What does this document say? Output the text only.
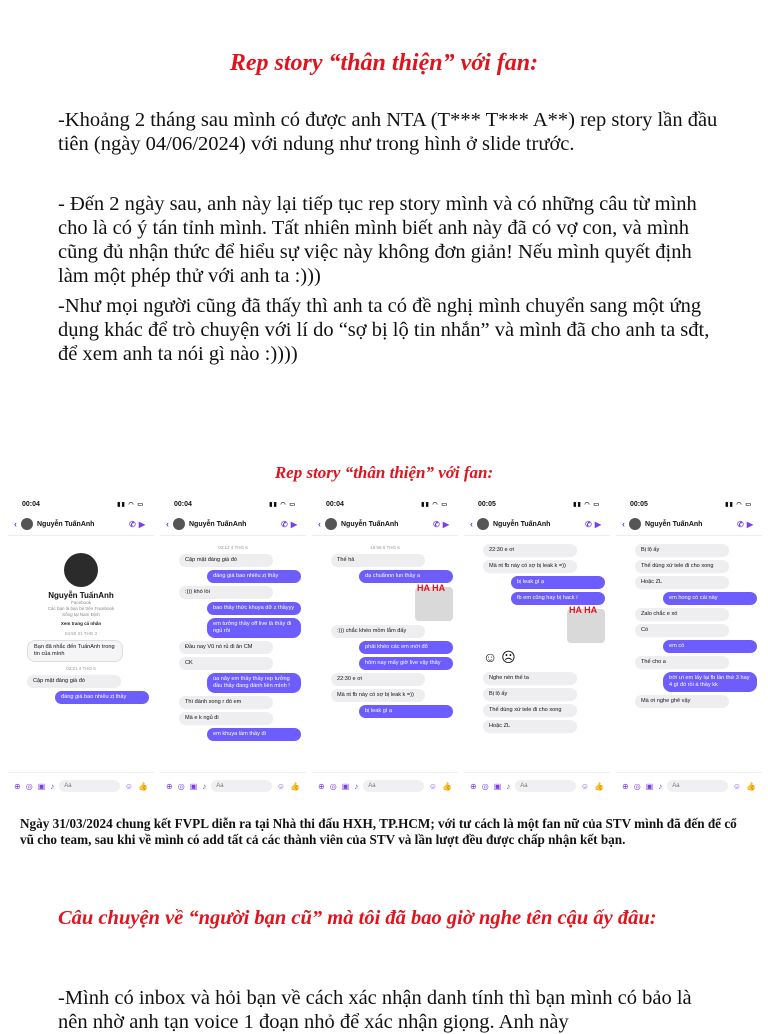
Rep story “thân thiện” với fan:

-Khoảng 2 tháng sau mình có được anh NTA (T*** T*** A**) rep story lần đầu tiên (ngày 04/06/2024) với ndung như trong hình ở slide trước.

- Đến 2 ngày sau, anh này lại tiếp tục rep story mình và có những câu từ mình cho là có ý tán tỉnh mình. Tất nhiên mình biết anh này đã có vợ con, và mình cũng đủ nhận thức để hiểu sự việc này không đơn giản! Nếu mình quyết định làm một phép thử với anh ta :)))

-Như mọi người cũng đã thấy thì anh ta có đề nghị mình chuyển sang một ứng dụng khác để trò chuyện với lí do “sợ bị lộ tin nhắn” và mình đã cho anh ta sđt, để xem anh ta nói gì nào :))))

Rep story “thân thiện” với fan:
00:04	▮▮ ◠ ▭
‹	Nguyễn TuấnAnh	✆▶
Nguyễn TuấnAnh
Facebook
Các bạn là bạn bè trên Facebook
Sống tại Nam Định
Xem trang cá nhân
04:50 31 THG 3
Bạn đã nhắc đến TuấnAnh trong tin của mình
02:21 4 THG 6
Cập mặt đáng giá đó
đáng giá bao nhiêu zị thầy
⊕ ◎ ▣ ♪	Aa	☺ 👍
00:04	▮▮ ◠ ▭
‹	Nguyễn TuấnAnh	✆▶
02:12 4 THG 6
Cập mặt đáng giá đó
đáng giá bao nhiêu zị thầy
:))) khó lòi
bao thầy thức khuya dữ z thầyyy
em tưởng thầy off live là thầy đi ngủ rồi
Đầu nay Vũ nó rủ đi ăn CM
CK
úa nây em thầy thầy rep tưởng đầu thầy đang đánh liền mình !
Thì đánh xong r đó em
Mà e k ngủ đi
em khuya làm thầy đi
⊕ ◎ ▣ ♪	Aa	☺ 👍
00:04	▮▮ ◠ ▭
‹	Nguyễn TuấnAnh	✆▶
18:56 6 THG 6
Thế hả
dạ chuẩnnn lun thầy a
HA HA
:))) chắc khéo mồm lắm đấy
phải khéo các em mới đổ
hôm nay mấy giờ live vậy thầy
22:30 e ơi
Mà nt fb này có sợ bị leak k =))
bị leak gì ạ
⊕ ◎ ▣ ♪	Aa	☺ 👍
00:05	▮▮ ◠ ▭
‹	Nguyễn TuấnAnh	✆▶
22:30 e ơi
Mà nt fb này có sợ bị leak k =))
bị leak gì ạ
fb em cũng hay bị hack í
HA HA
☺ ☹
Nghe nén thế ta
Bị lộ ấy
Thế dùng xứ tele đi cho xong
Hoặc ZL
⊕ ◎ ▣ ♪	Aa	☺ 👍
00:05	▮▮ ◠ ▭
‹	Nguyễn TuấnAnh	✆▶
Bị lộ ấy
Thế dùng xứ tele đi cho xong
Hoặc ZL
em hong có cái này
Zalo chắc e xó
Có
em có
Thế cho a
trời ưi em lấy lại fb lần thứ 3 hay 4 gì đó rồi á thầy kk
Mà ơi nghe ghê vậy
⊕ ◎ ▣ ♪	Aa	☺ 👍

Ngày 31/03/2024 chung kết FVPL diễn ra tại Nhà thi đấu HXH, TP.HCM; với tư cách là một fan nữ của STV mình đã đến để cổ vũ cho team, sau khi về mình có add tất cả các thành viên của STV và lần lượt đều được chấp nhận kết bạn.

Câu chuyện về “người bạn cũ” mà tôi đã bao giờ nghe tên cậu ấy đâu:

-Mình có inbox và hỏi bạn về cách xác nhận danh tính thì bạn mình có bảo là nên nhờ anh tạn voice 1 đoạn nhỏ để xác nhận giọng. Anh này
